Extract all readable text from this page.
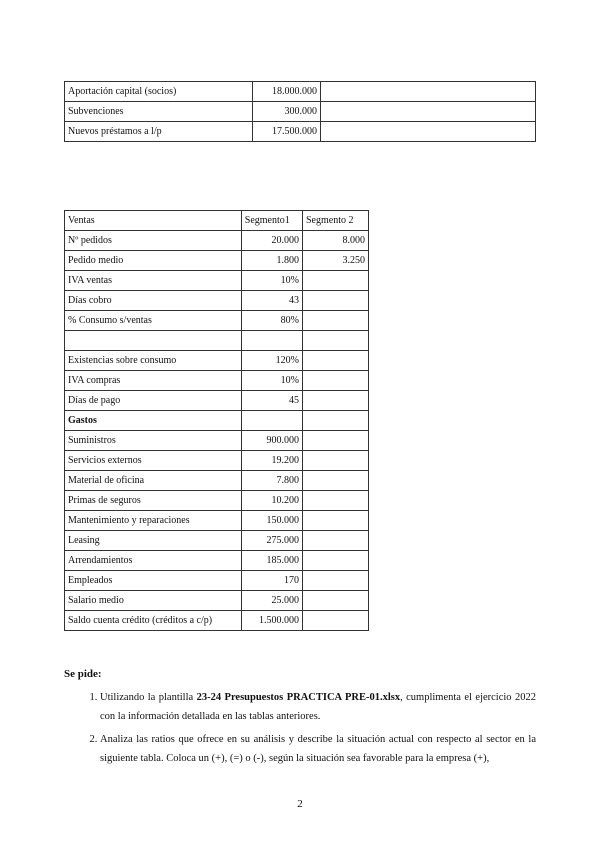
Aportación capital (socios)	18.000.000	
Subvenciones	300.000	
Nuevos préstamos a l/p	17.500.000	
Ventas	Segmento1	Segmento 2
Nº pedidos	20.000	8.000
Pedido medio	1.800	3.250
IVA ventas	10%	
Días cobro	43	
% Consumo s/ventas	80%	

Existencias sobre consumo	120%	
IVA compras	10%	
Días de pago	45	
Gastos		
Suministros	900.000	
Servicios externos	19.200	
Material de oficina	7.800	
Primas de seguros	10.200	
Mantenimiento y reparaciones	150.000	
Leasing	275.000	
Arrendamientos	185.000	
Empleados	170	
Salario medio	25.000	
Saldo cuenta crédito (créditos a c/p)	1.500.000	
Se pide:
1. Utilizando la plantilla 23-24 Presupuestos PRACTICA PRE-01.xlsx, cumplimenta el ejercicio 2022 con la información detallada en las tablas anteriores.
2. Analiza las ratios que ofrece en su análisis y describe la situación actual con respecto al sector en la siguiente tabla. Coloca un (+), (=) o (-), según la situación sea favorable para la empresa (+),
2
